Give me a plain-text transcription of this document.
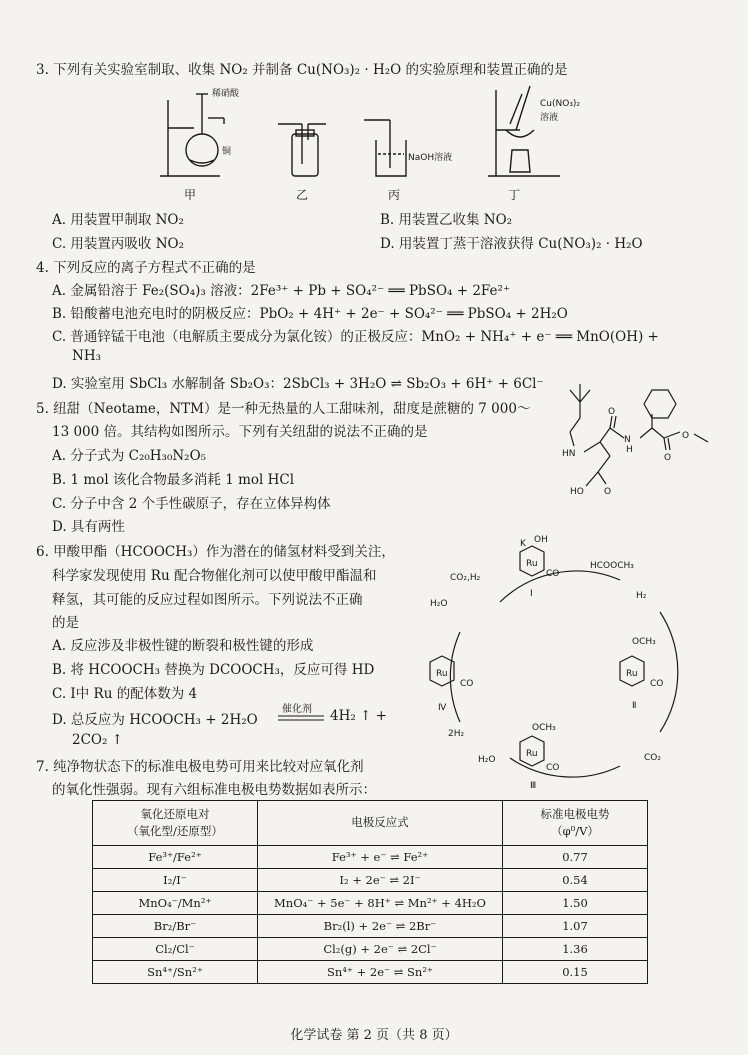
3. 下列有关实验室制取、收集 NO₂ 并制备 Cu(NO₃)₂ · H₂O 的实验原理和装置正确的是
稀硝酸
铜
NaOH溶液
Cu(NO₃)₂
溶液
甲	乙	丙	丁
A. 用装置甲制取 NO₂	B. 用装置乙收集 NO₂
C. 用装置丙吸收 NO₂	D. 用装置丁蒸干溶液获得 Cu(NO₃)₂ · H₂O
4. 下列反应的离子方程式不正确的是
A. 金属铅溶于 Fe₂(SO₄)₃ 溶液：2Fe³⁺ + Pb + SO₄²⁻ ══ PbSO₄ + 2Fe²⁺
B. 铅酸蓄电池充电时的阴极反应：PbO₂ + 4H⁺ + 2e⁻ + SO₄²⁻ ══ PbSO₄ + 2H₂O
C. 普通锌锰干电池（电解质主要成分为氯化铵）的正极反应：MnO₂ + NH₄⁺ + e⁻ ══ MnO(OH) +
NH₃
D. 实验室用 SbCl₃ 水解制备 Sb₂O₃：2SbCl₃ + 3H₂O ⇌ Sb₂O₃ + 6H⁺ + 6Cl⁻
5. 纽甜（Neotame，NTM）是一种无热量的人工甜味剂，甜度是蔗糖的 7 000～
13 000 倍。其结构如图所示。下列有关纽甜的说法不正确的是
A. 分子式为 C₂₀H₃₀N₂O₅
B. 1 mol 该化合物最多消耗 1 mol HCl
C. 分子中含 2 个手性碳原子，存在立体异构体
D. 具有两性
HN
N
H
O
O
O
HO O
6. 甲酸甲酯（HCOOCH₃）作为潜在的储氢材料受到关注，
科学家发现使用 Ru 配合物催化剂可以使甲酸甲酯温和
释氢，其可能的反应过程如图所示。下列说法不正确
的是
A. 反应涉及非极性键的断裂和极性键的形成
B. 将 HCOOCH₃ 替换为 DCOOCH₃，反应可得 HD
C. Ⅰ中 Ru 的配体数为 4
D. 总反应为 HCOOCH₃ + 2H₂O
催化剂 4H₂ ↑ +
2CO₂ ↑
Ru
Ru
Ru
Ru
CO
CO
CO
CO
OH
K
Ⅰ
Ⅱ
Ⅲ
Ⅳ
OCH₃
OCH₃
CO₂,H₂
HCOOCH₃
H₂
H₂O
CO₂
2H₂
H₂O
7. 纯净物状态下的标准电极电势可用来比较对应氧化剂
的氧化性强弱。现有六组标准电极电势数据如表所示：
氧化还原电对
（氧化型/还原型）	电极反应式	标准电极电势
（φ⁰/V）
Fe³⁺/Fe²⁺	Fe³⁺ + e⁻ ⇌ Fe²⁺	0.77
I₂/I⁻	I₂ + 2e⁻ ⇌ 2I⁻	0.54
MnO₄⁻/Mn²⁺	MnO₄⁻ + 5e⁻ + 8H⁺ ⇌ Mn²⁺ + 4H₂O	1.50
Br₂/Br⁻	Br₂(l) + 2e⁻ ⇌ 2Br⁻	1.07
Cl₂/Cl⁻	Cl₂(g) + 2e⁻ ⇌ 2Cl⁻	1.36
Sn⁴⁺/Sn²⁺	Sn⁴⁺ + 2e⁻ ⇌ Sn²⁺	0.15
化学试卷 第 2 页（共 8 页）
